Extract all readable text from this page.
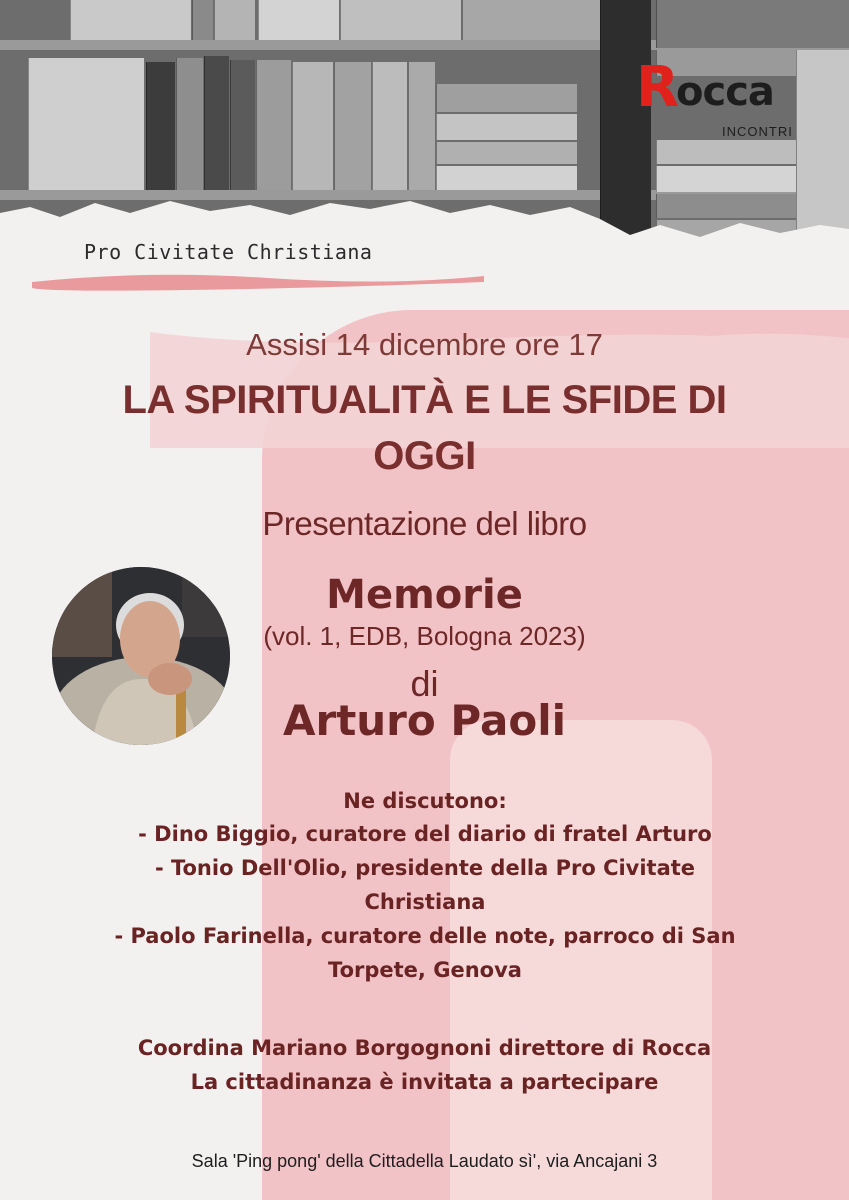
R
occa
INCONTRI
Pro Civitate Christiana
Assisi 14 dicembre ore 17
LA SPIRITUALITÀ E LE SFIDE DI
OGGI
Presentazione del libro
Memorie
(vol. 1, EDB, Bologna 2023)
di
Arturo Paoli
Ne discutono:
- Dino Biggio, curatore del diario di fratel Arturo
- Tonio Dell'Olio, presidente della Pro Civitate
Christiana
- Paolo Farinella, curatore delle note, parroco di San
Torpete, Genova
Coordina Mariano Borgognoni direttore di Rocca
La cittadinanza è invitata a partecipare
Sala 'Ping pong' della Cittadella Laudato sì', via Ancajani 3
